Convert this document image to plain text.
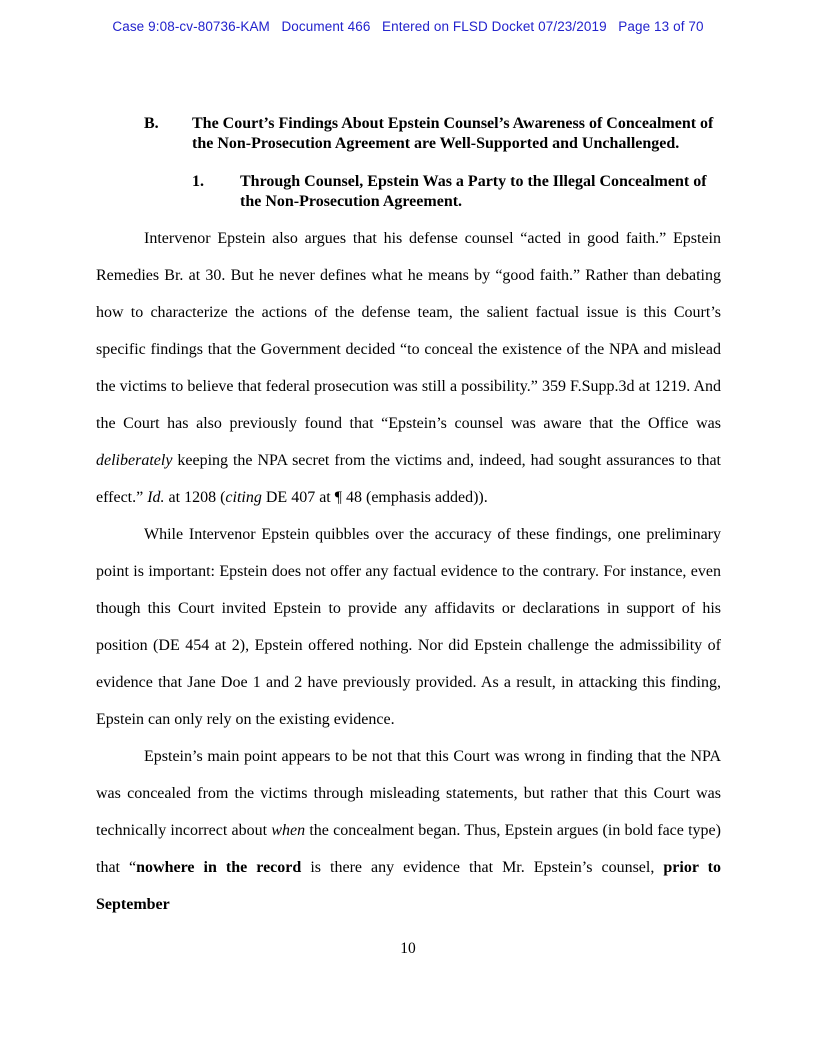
Case 9:08-cv-80736-KAM   Document 466   Entered on FLSD Docket 07/23/2019   Page 13 of 70
B.	The Court’s Findings About Epstein Counsel’s Awareness of Concealment of
the Non-Prosecution Agreement are Well-Supported and Unchallenged.
1.	Through Counsel, Epstein Was a Party to the Illegal Concealment of
the Non-Prosecution Agreement.

Intervenor Epstein also argues that his defense counsel “acted in good faith.” Epstein Remedies Br. at 30. But he never defines what he means by “good faith.” Rather than debating how to characterize the actions of the defense team, the salient factual issue is this Court’s specific findings that the Government decided “to conceal the existence of the NPA and mislead the victims to believe that federal prosecution was still a possibility.” 359 F.Supp.3d at 1219. And the Court has also previously found that “Epstein’s counsel was aware that the Office was deliberately keeping the NPA secret from the victims and, indeed, had sought assurances to that effect.” Id. at 1208 (citing DE 407 at ¶ 48 (emphasis added)).

While Intervenor Epstein quibbles over the accuracy of these findings, one preliminary point is important: Epstein does not offer any factual evidence to the contrary. For instance, even though this Court invited Epstein to provide any affidavits or declarations in support of his position (DE 454 at 2), Epstein offered nothing. Nor did Epstein challenge the admissibility of evidence that Jane Doe 1 and 2 have previously provided. As a result, in attacking this finding, Epstein can only rely on the existing evidence.

Epstein’s main point appears to be not that this Court was wrong in finding that the NPA was concealed from the victims through misleading statements, but rather that this Court was technically incorrect about when the concealment began. Thus, Epstein argues (in bold face type) that “nowhere in the record is there any evidence that Mr. Epstein’s counsel, prior to September

10
